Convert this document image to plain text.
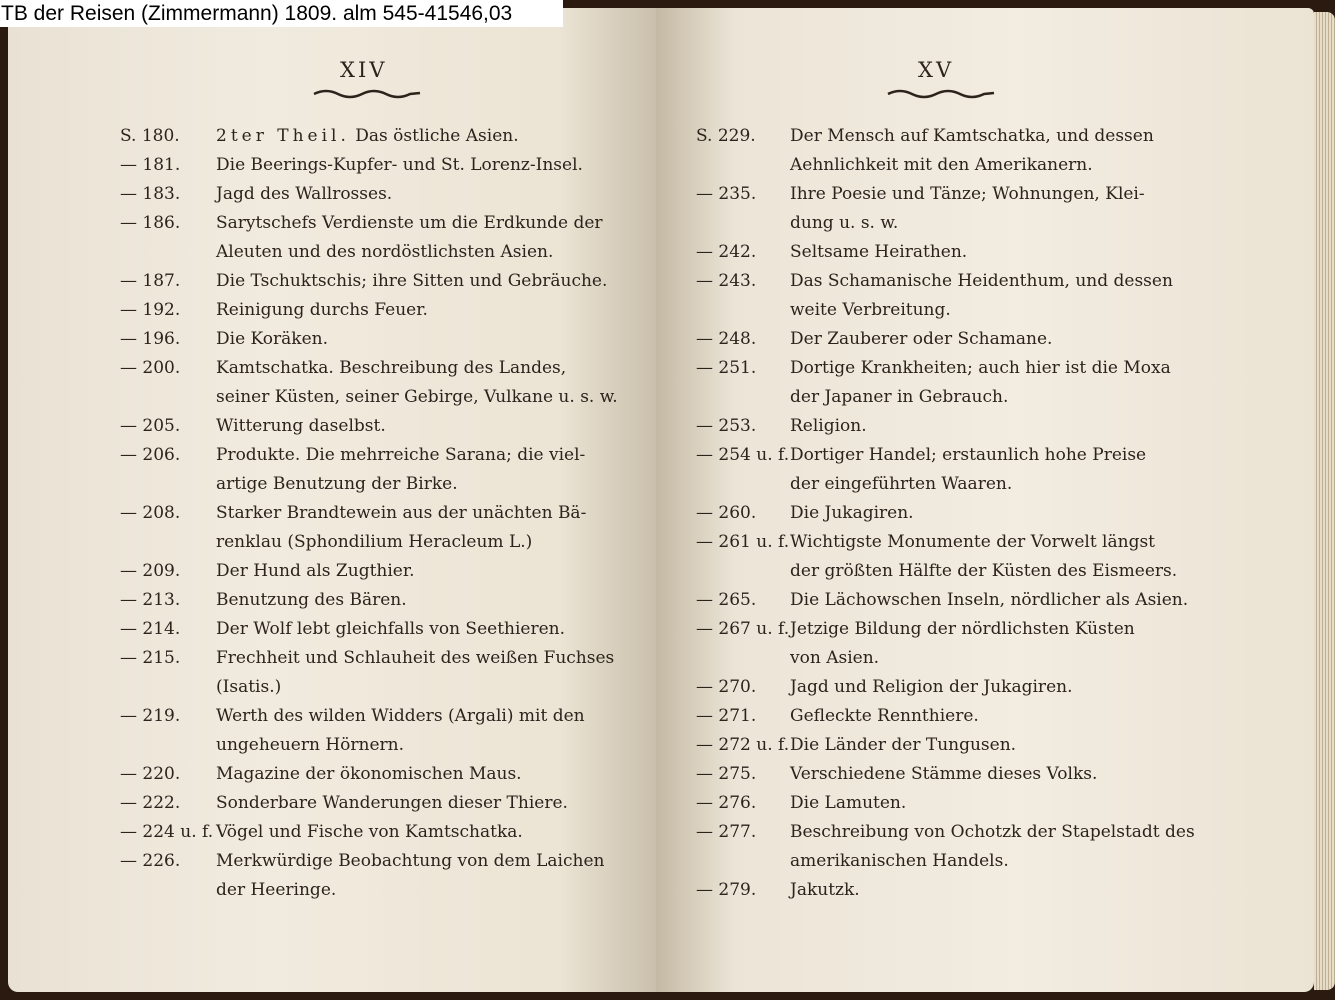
TB der Reisen (Zimmermann) 1809. alm 545-41546,03
XIV
S. 180.	2ter Theil. Das östliche Asien.
— 181.	Die Beerings-Kupfer- und St. Lorenz-Insel.
— 183.	Jagd des Wallrosses.
— 186.	Sarytschefs Verdienste um die Erdkunde der
Aleuten und des nordöstlichsten Asien.
— 187.	Die Tschuktschis; ihre Sitten und Gebräuche.
— 192.	Reinigung durchs Feuer.
— 196.	Die Koräken.
— 200.	Kamtschatka. Beschreibung des Landes,
seiner Küsten, seiner Gebirge, Vulkane u. s. w.
— 205.	Witterung daselbst.
— 206.	Produkte. Die mehrreiche Sarana; die viel-
artige Benutzung der Birke.
— 208.	Starker Brandtewein aus der unächten Bä-
renklau (Sphondilium Heracleum L.)
— 209.	Der Hund als Zugthier.
— 213.	Benutzung des Bären.
— 214.	Der Wolf lebt gleichfalls von Seethieren.
— 215.	Frechheit und Schlauheit des weißen Fuchses
(Isatis.)
— 219.	Werth des wilden Widders (Argali) mit den
ungeheuern Hörnern.
— 220.	Magazine der ökonomischen Maus.
— 222.	Sonderbare Wanderungen dieser Thiere.
— 224 u. f. Vögel und Fische von Kamtschatka.
— 226.	Merkwürdige Beobachtung von dem Laichen
der Heeringe.
XV
S. 229.	Der Mensch auf Kamtschatka, und dessen
Aehnlichkeit mit den Amerikanern.
— 235.	Ihre Poesie und Tänze; Wohnungen, Klei-
dung u. s. w.
— 242.	Seltsame Heirathen.
— 243.	Das Schamanische Heidenthum, und dessen
weite Verbreitung.
— 248.	Der Zauberer oder Schamane.
— 251.	Dortige Krankheiten; auch hier ist die Moxa
der Japaner in Gebrauch.
— 253.	Religion.
— 254 u. f. Dortiger Handel; erstaunlich hohe Preise
der eingeführten Waaren.
— 260.	Die Jukagiren.
— 261 u. f. Wichtigste Monumente der Vorwelt längst
der größten Hälfte der Küsten des Eismeers.
— 265.	Die Lächowschen Inseln, nördlicher als Asien.
— 267 u. f. Jetzige Bildung der nördlichsten Küsten
von Asien.
— 270.	Jagd und Religion der Jukagiren.
— 271.	Gefleckte Rennthiere.
— 272 u. f. Die Länder der Tungusen.
— 275.	Verschiedene Stämme dieses Volks.
— 276.	Die Lamuten.
— 277.	Beschreibung von Ochotzk der Stapelstadt des
amerikanischen Handels.
— 279.	Jakutzk.
